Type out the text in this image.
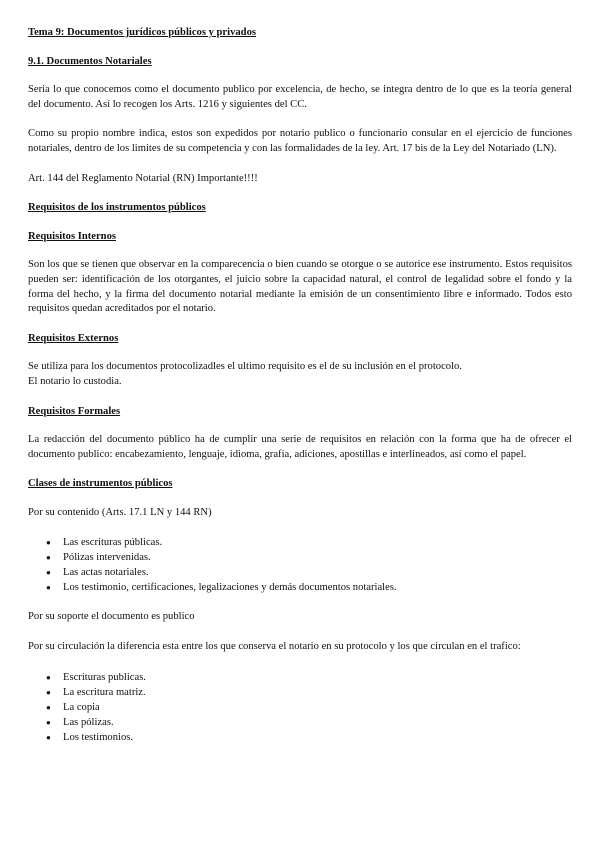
Tema 9: Documentos jurídicos públicos y privados
9.1. Documentos Notariales

Seria lo que conocemos como el documento publico por excelencia, de hecho, se integra dentro de lo que es la teoría general del documento. Así lo recogen los Arts. 1216 y siguientes del CC.

Como su propio nombre indica, estos son expedidos por notario publico o funcionario consular en el ejercicio de funciones notariales, dentro de los limites de su competencia y con las formalidades de la ley. Art. 17 bis de la Ley del Notariado (LN).

Art. 144 del Reglamento Notarial (RN) Importante!!!!

Requisitos de los instrumentos públicos
Requisitos Internos

Son los que se tienen que observar en la comparecencia o bien cuando se otorgue o se autorice ese instrumento. Estos requisitos pueden ser: identificación de los otorgantes, el juicio sobre la capacidad natural, el control de legalidad sobre el fondo y la forma del hecho, y la firma del documento notarial mediante la emisión de un consentimiento libre e informado. Todos esto requisitos quedan acreditados por el notario.

Requisitos Externos

Se utiliza para los documentos protocolizadles el ultimo requisito es el de su inclusión en el protocolo.
El notario lo custodia.

Requisitos Formales

La redacción del documento público ha de cumplir una serie de requisitos en relación con la forma que ha de ofrecer el documento publico: encabezamiento, lenguaje, idioma, grafía, adiciones, apostillas e interlineados, así como el papel.

Clases de instrumentos públicos

Por su contenido (Arts. 17.1 LN y 144 RN)

● Las escrituras públicas.
● Pólizas intervenidas.
● Las actas notariales.
● Los testimonio, certificaciones, legalizaciones y demás documentos notariales.

Por su soporte el documento es publico

Por su circulación la diferencia esta entre los que conserva el notario en su protocolo y los que circulan en el trafico:

● Escrituras publicas.
● La escritura matriz.
● La copia
● Las pólizas.
● Los testimonios.
